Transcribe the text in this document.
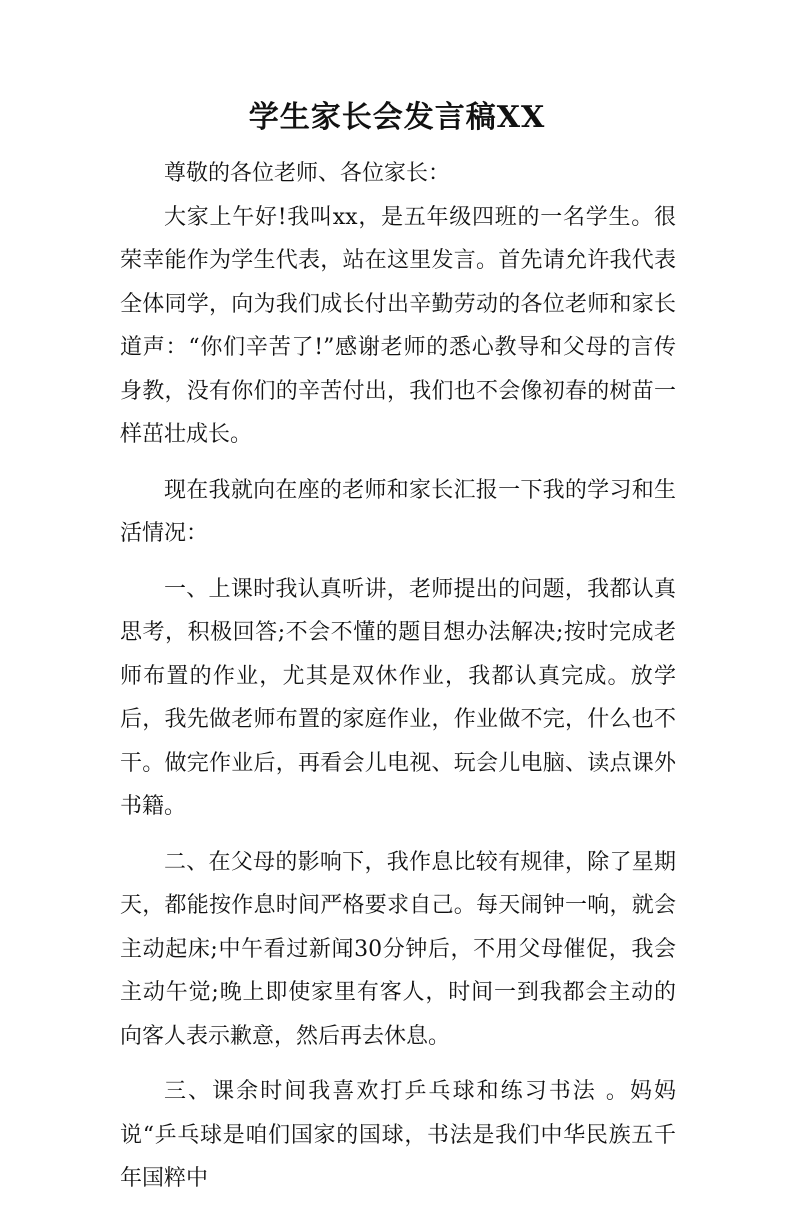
学生家长会发言稿XX

尊敬的各位老师、各位家长：

大家上午好!我叫xx，是五年级四班的一名学生。很荣幸能作为学生代表，站在这里发言。首先请允许我代表全体同学，向为我们成长付出辛勤劳动的各位老师和家长道声：“你们辛苦了!”感谢老师的悉心教导和父母的言传身教，没有你们的辛苦付出，我们也不会像初春的树苗一样茁壮成长。

现在我就向在座的老师和家长汇报一下我的学习和生活情况：

一、上课时我认真听讲，老师提出的问题，我都认真思考，积极回答;不会不懂的题目想办法解决;按时完成老师布置的作业，尤其是双休作业，我都认真完成。放学后，我先做老师布置的家庭作业，作业做不完，什么也不干。做完作业后，再看会儿电视、玩会儿电脑、读点课外书籍。

二、在父母的影响下，我作息比较有规律，除了星期天，都能按作息时间严格要求自己。每天闹钟一响，就会主动起床;中午看过新闻30分钟后，不用父母催促，我会主动午觉;晚上即使家里有客人，时间一到我都会主动的向客人表示歉意，然后再去休息。

三、课余时间我喜欢打乒乓球和练习书法 。妈妈说“乒乓球是咱们国家的国球，书法是我们中华民族五千年国粹中
